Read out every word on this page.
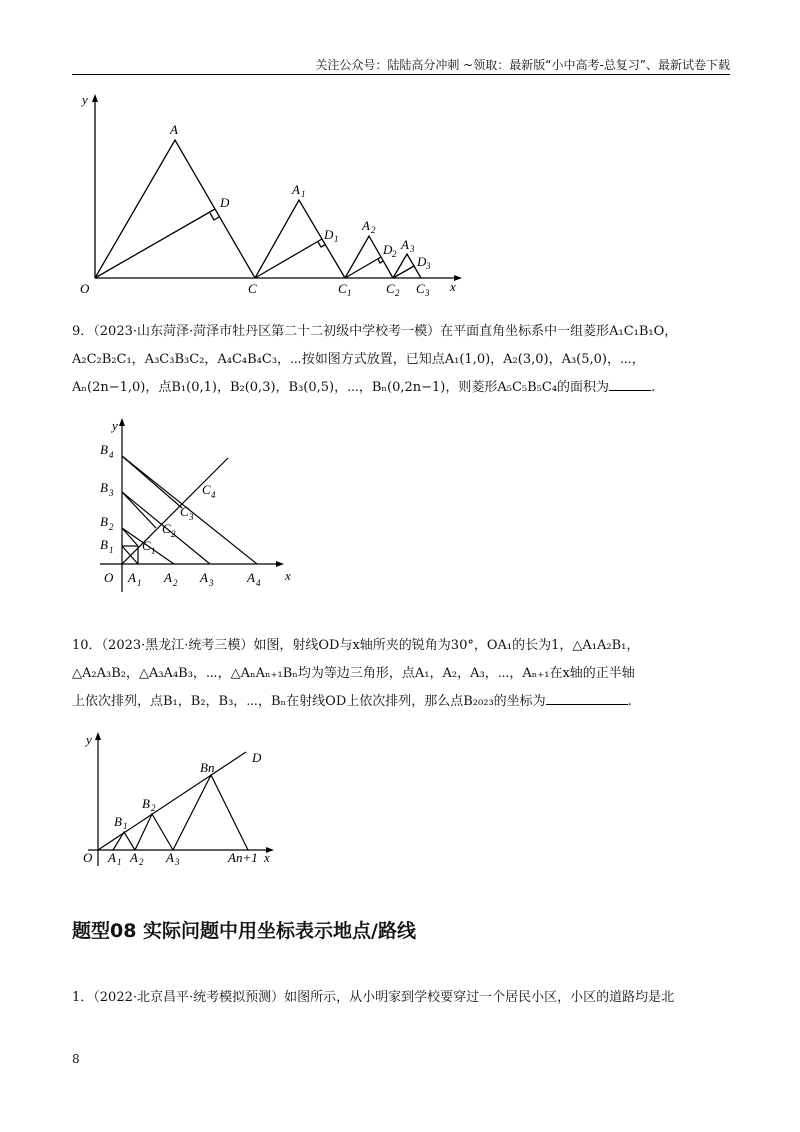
关注公众号：陆陆高分冲刺 ~领取：最新版“小中高考-总复习”、最新试卷下载
y
x
O
A
D
C
A 1
D 1
C 1
A 2
D 2
C 2
A 3
D 3
C 3
9．（2023·山东菏泽·菏泽市牡丹区第二十二初级中学校考一模）在平面直角坐标系中一组菱形A₁C₁B₁O，
A₂C₂B₂C₁，A₃C₃B₃C₂，A₄C₄B₄C₃，⋯按如图方式放置，已知点A₁(1,0)，A₂(3,0)，A₃(5,0)，⋯，
Aₙ(2n−1,0)，点B₁(0,1)，B₂(0,3)，B₃(0,5)，⋯，Bₙ(0,2n−1)，则菱形A₅C₅B₅C₄的面积为	.
y
x
O
B 4
B 3
B 2
B 1
A 1 A 2 A 3	A 4
C 1
C 2
C 3
C 4
10．（2023·黑龙江·统考三模）如图，射线OD与x轴所夹的锐角为30°，OA₁的长为1，△A₁A₂B₁，
△A₂A₃B₂，△A₃A₄B₃，⋯，△AₙAₙ₊₁Bₙ均为等边三角形，点A₁，A₂，A₃，⋯，Aₙ₊₁在x轴的正半轴
上依次排列，点B₁，B₂，B₃，⋯，Bₙ在射线OD上依次排列，那么点B₂₀₂₃的坐标为	.
y
x
O
D
Bn
B 1
B 2
A 1 A 2 A 3	An+1
题型08 实际问题中用坐标表示地点/路线
1．（2022·北京昌平·统考模拟预测）如图所示，从小明家到学校要穿过一个居民小区，小区的道路均是北
8
